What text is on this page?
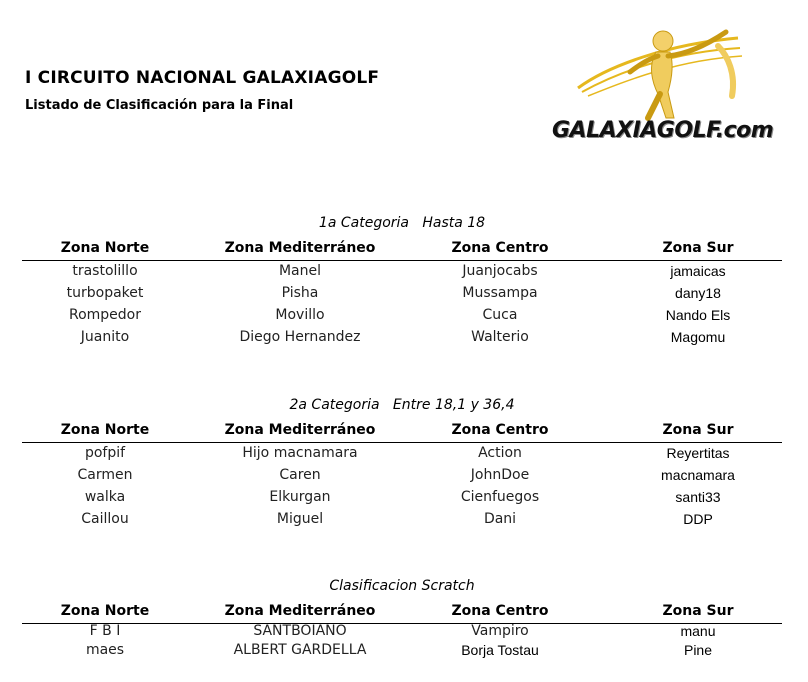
I CIRCUITO NACIONAL GALAXIAGOLF
Listado de Clasificación para la Final
GALAXIAGOLF.com
1a Categoria   Hasta 18
Zona Norte	Zona Mediterráneo	Zona Centro	Zona Sur
trastolillo	Manel	Juanjocabs	jamaicas
turbopaket	Pisha	Mussampa	dany18
Rompedor	Movillo	Cuca	Nando Els
Juanito	Diego Hernandez	Walterio	Magomu
2a Categoria   Entre 18,1 y 36,4
Zona Norte	Zona Mediterráneo	Zona Centro	Zona Sur
pofpif	Hijo macnamara	Action	Reyertitas
Carmen	Caren	JohnDoe	macnamara
walka	Elkurgan	Cienfuegos	santi33
Caillou	Miguel	Dani	DDP
Clasificacion Scratch
Zona Norte	Zona Mediterráneo	Zona Centro	Zona Sur
F B I	SANTBOIANO	Vampiro	manu
maes	ALBERT GARDELLA	Borja Tostau	Pine
